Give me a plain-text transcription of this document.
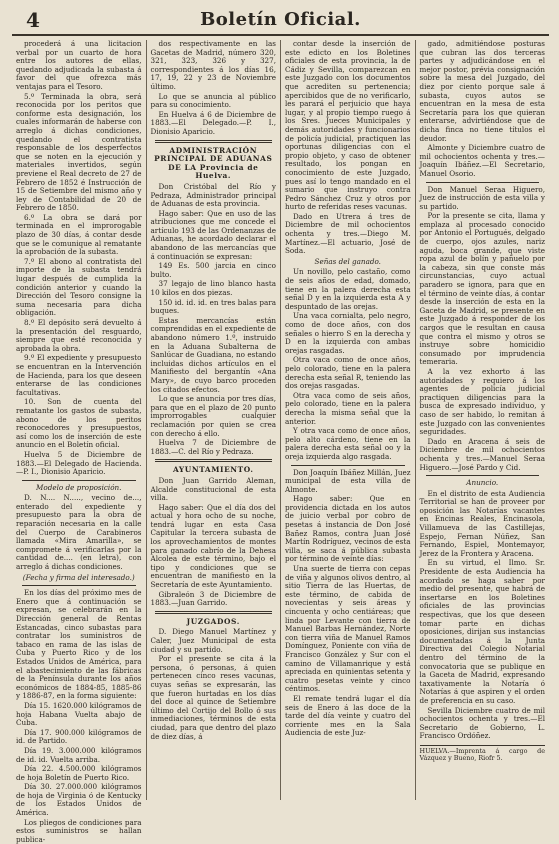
4	Boletín Oficial.

procederá á una licitacion verbal por un cuarto de hora entre los autores de ellas, quedando adjudicada la subasta á favor del que ofrezca más ventajas para el Tesoro.

5.º Terminada la obra, será reconocida por los peritos que conforme esta designación, los cuales informarán de haberse con arreglo á dichas condiciones, quedando el contratista responsable de los desperfectos que se noten en la ejecución y materiales invertidos, según previene el Real decreto de 27 de Febrero de 1852 é Instrucción de 15 de Setiembre del mismo año y ley de Contabilidad de 20 de Febrero de 1850.

6.º La obra se dará por terminada en el improrogable plazo de 30 días, á contar desde que se le comunique al rematante la aprobación de la subasta.

7.º El abono al contratista del importe de la subasta tendrá lugar después de cumplida la condición anterior y cuando la Dirección del Tesoro consigne la suma necesaria para dicha obligación.

8.º El depósito será devuelto á la presentación del resguardo, siempre que esté reconocida y aprobada la obra.

9.º El expediente y presupuesto se encuentran en la Intervención de Hacienda, para los que deseen enterarse de las condiciones facultativas.

10. Son de cuenta del rematante los gastos de subasta, abono de los peritos reconocedores y presupuestos, así como los de inserción de este anuncio en el Boletín oficial.

Huelva 5 de Diciembre de 1883.—El Delegado de Hacienda.—P. I., Dionisio Aparicio.

Modelo de proposición.

D. N.... N....., vecino de..., enterado del expediente y presupuesto para la obra de reparación necesaria en la calle del Cuerpo de Carabineros llamada «Mira Amarilla», se compromete á verificarlas por la cantidad de.... (en letra), con arreglo á dichas condiciones.

(Fecha y firma del interesado.)

En los días del próximo mes de Enero que á continuación se expresan, se celebrarán en la Dirección general de Rentas Estancadas, cinco subastas para contratar los suministros de tabaco en rama de las islas de Cuba y Puerto Rico y de los Estados Unidos de América, para el abastecimiento de las fábricas de la Península durante los años económicos de 1884-85, 1885-86 y 1886-87, en la forma siguiente:

Día 15. 1620.000 kilógramos de hoja Habana Vuelta abajo de Cuba.

Día 17. 900.000 kilógramos de id. de Partido.

Día 19. 3.000.000 kilógramos de id. id. Vuelta arriba.

Día 22. 4.500.000 kilógramos de hoja Boletín de Puerto Rico.

Día 30. 27.000.000 kilógramos de hoja de Virginia ó de Kentucky de los Estados Unidos de América.

Los pliegos de condiciones para estos suministros se hallan publica-

dos respectivamente en las Gacetas de Madrid, número 320, 321, 323, 326 y 327, correspondientes á los días 16, 17, 19, 22 y 23 de Noviembre último.

Lo que se anuncia al público para su conocimiento.

En Huelva á 6 de Diciembre de 1883.—El Delegado.—P. I., Dionisio Aparicio.

ADMINISTRACIÓN PRINCIPAL DE ADUANAS DE LA Provincia de Huelva.

Don Cristóbal del Río y Pedraza, Administrador principal de Aduanas de esta provincia.

Hago saber: Que en uso de las atribuciones que me concede el artículo 193 de las Ordenanzas de Aduanas, he acordado declarar el abandono de las mercancías que á continuación se expresan:

149 Es. 500 jarcia en cinco bulto.

37 legajo de lino blanco hasta 10 kilos en dos piezas.

150 id. id. id. en tres balas para buques.

Estas mercancías están comprendidas en el expediente de abandono número 1.º, instruido en la Aduana Subalterna de Sanlúcar de Guadiana, no estando incluidas dichos artículos en el Manifiesto del bergantín «Ana Mary», de cuyo barco proceden los citados efectos.

Lo que se anuncia por tres días, para que en el plazo de 20 punto improrrogables cualquier reclamación por quien se crea con derecho á ello.

Huelva 7 de Diciembre de 1883.—C. del Río y Pedraza.

AYUNTAMIENTO.

Don Juan Garrido Aleman, Alcalde constitucional de esta villa.

Hago saber: Que el día dos del actual y hora ocho de su noche, tendrá lugar en esta Casa Capitular la tercera subasta de los aprovechamientos de montes para ganado cabrío de la Dehesa Alcolea de este término, bajo el tipo y condiciones que se encuentran de manifiesto en la Secretaría de este Ayuntamiento.

Gibraleón 3 de Diciembre de 1883.—Juan Garrido.

JUZGADOS.

D. Diego Manuel Martínez y Caler, Juez Municipal de esta ciudad y su partido.

Por el presente se cita á la persona, ó personas, á quien pertenecen cinco reses vacunas, cuyas señas se expresarán, las que fueron hurtadas en los días del doce al quince de Setiembre último del Cortijo del Bollo ó sus inmediaciones, términos de esta ciudad, para que dentro del plazo de diez días, á

contar desde la inserción de este edicto en los Boletines oficiales de esta provincia, la de Cádiz y Sevilla, comparezcan en este Juzgado con los documentos que acrediten su pertenencia; apercibidos que de no verificarlo, les parará el perjuicio que haya lugar, y al propio tiempo ruego á los Sres. Jueces Municipales y demás autoridades y funcionarios de policía judicial, practiquen las oportunas diligencias con el propio objeto, y caso de obtener resultado, los pongan en conocimiento de este Juzgado, pues así lo tengo mandado en el sumario que instruyo contra Pedro Sánchez Cruz y otros por hurto de referidas reses vacunas.

Dado en Utrera á tres de Diciembre de mil ochocientos ochenta y tres.—Diego M. Martínez.—El actuario, José de Soda.

Señas del ganado.

Un novillo, pelo castaño, como de seis años de edad, domado, tiene en la palera derecha esta señal D y en la izquierda esta A y despuntado de las orejas.

Una vaca cornialta, pelo negro, como de doce años, con dos señales o hierro S en la derecha y D en la izquierda con ambas orejas rasgadas.

Otra vaca como de once años, pelo colorado, tiene en la palera derecha esta señal R, teniendo las dos orejas rasgadas.

Otra vaca como de seis años, pelo colorado, tiene en la palera derecha la misma señal que la anterior.

Y otra vaca como de once años, pelo alto cárdeno, tiene en la palera derecha esta señal oo y la oreja izquierda algo rasgada.

Don Joaquín Ibáñez Millán, Juez municipal de esta villa de Almonte.

Hago saber: Que en providencia dictada en los autos de juicio verbal por cobro de pesetas á instancia de Don José Bañez Ramos, contra Juan José Martín Rodríguez, vecinos de esta villa, se saca á pública subasta por término de veinte días:

Una suerte de tierra con cepas de viña y algunos olivos dentro, al sitio Tierra de las Huertas, de este término, de cabida de novecientas y seis áreas y cincuenta y ocho centiáreas; que linda por Levante con tierra de Manuel Barbas Hernández, Norte con tierra viña de Manuel Ramos Domínguez, Poniente con viña de Francisco González y Sur con el camino de Villamanrique y está apreciada en quinientas setenta y cuatro pesetas veinte y cinco céntimos.

El remate tendrá lugar el día seis de Enero á las doce de la tarde del día veinte y cuatro del corriente mes en la Sala Audiencia de este Juz-

gado, admitiéndose posturas que cubran las dos terceras partes y adjudicándose en el mejor postor, prévia consignación sobre la mesa del Juzgado, del diez por ciento porque sale á subasta, cuyos autos se encuentran en la mesa de esta Secretaría para los que quieran enterarse, advirtiéndose que de dicha finca no tiene títulos el deudor.

Almonte y Diciembre cuatro de mil ochocientos ochenta y tres.—Joaquín Ibáñez.—El Secretario, Manuel Osorio.

Don Manuel Seraa Higuero, Juez de instrucción de esta villa y su partido.

Por la presente se cita, llama y emplaza al procesado conocido por Antonio el Portugués, delgado de cuerpo, ojos azules, nariz aguda, boca grande, que viste ropa azul de bolín y pañuelo por la cabeza, sin que conste más circunstancias, cuyo actual paradero se ignora, para que en el término de veinte días, á contar desde la inserción de esta en la Gaceta de Madrid, se presente en este Juzgado á responder de los cargos que le resultan en causa que contra el mismo y otros se instruye sobre homicidio consumado por imprudencia temeraria.

A la vez exhorto á las autoridades y requiero á los agentes de policía judicial practiquen diligencias para la busca de expresado individuo, y caso de ser habido, lo remitan á este Juzgado con las convenientes seguridades.

Dado en Aracena á seis de Diciembre de mil ochocientos ochenta y tres.—Manuel Seraa Higuero.—José Pardo y Cid.

Anuncio.

En el distrito de esta Audiencia Territorial se han de proveer por oposición las Notarías vacantes en Encinas Reales, Encinasola, Villamueva de las Castillejas, Espejo, Fernan Núñez, San Fernando, Espiel, Montemayor, Jerez de la Frontera y Aracena.

En su virtud, el Ilmo. Sr. Presidente de esta Audiencia ha acordado se haga saber por medio del presente, que habrá de insertarse en los Boletines oficiales de las provincias respectivas, que los que deseen tomar parte en dichas oposiciones, dirijan sus instancias documentadas á la Junta Directiva del Colegio Notarial dentro del término de la convocatoria que se publique en la Gaceta de Madrid, expresando taxativamente la Notaría ó Notarías á que aspiren y el orden de preferencia en su caso.

Sevilla Diciembre cuatro de mil ochocientos ochenta y tres.—El Secretario de Gobierno, L. Francisco Ordóñez.

HUELVA.—Imprenta á cargo de Vázquez y Bueno, Riofr 5.
